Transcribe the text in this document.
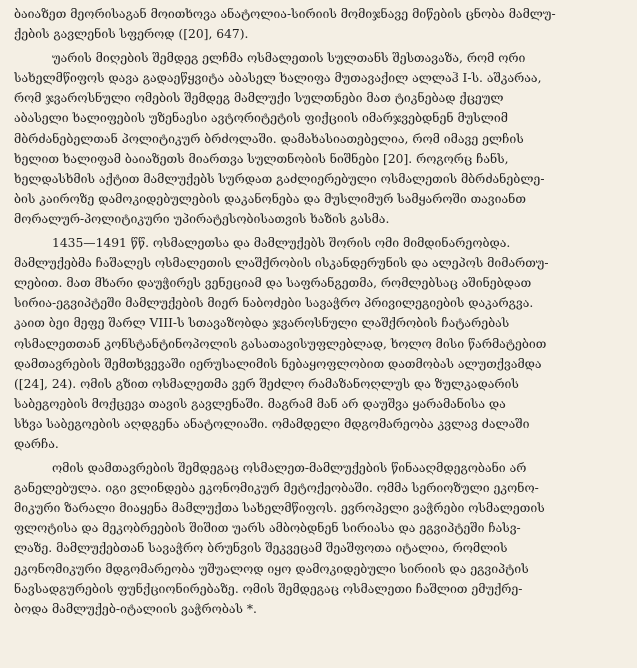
ბაიაზეთ მეორისაგან მოითხოვა ანატოლია-სირიის მომიჯნავე მიწების ცნობა მამლუ-
ქების გავლენის სფეროდ ([20], 647).

უარის მიღების შემდეგ ელჩმა ოსმალეთის სულთანს შესთავაზა, რომ ორი
სახელმწიფოს დავა გადაეწყვიტა აბასელ ხალიფა მუთავაქილ ალლაჰ I-ს. აშკარაა,
რომ ჯვაროსნული ომების შემდეგ მამლუქი სულთნები მათ ტიკნებად ქცეულ
აბასელი ხალიფების უზენაესი ავტორიტეტის ფიქციის იმარჯვებდნენ მუსლიმ
მბრძანებელთან პოლიტიკურ ბრძოლაში. დამახასიათებელია, რომ იმავე ელჩის
ხელით ხალიფამ ბაიაზეთს მიართვა სულთნობის ნიშნები [20]. როგორც ჩანს,
ხელდასხმის აქტით მამლუქებს სურდათ გაძლიერებული ოსმალეთის მბრძანებლე-
ბის კაიროზე დამოკიდებულების დაკანონება და მუსლიმურ სამყაროში თავიანთ
მორალურ-პოლიტიკური უპირატესობისათვის ხაზის გასმა.

1435—1491 წწ. ოსმალეთსა და მამლუქებს შორის ომი მიმდინარეობდა.
მამლუქებმა ჩაშალეს ოსმალეთის ლაშქრობის ისკანდერუნის და ალეპოს მიმართუ-
ლებით. მათ მხარი დაუჭირეს ვენეციამ და საფრანგეთმა, რომლებსაც აშინებდათ
სირია-ეგვიპტეში მამლუქების მიერ ნაბოძები სავაჭრო პრივილეგიების დაკარგვა.
კაით ბეი მეფე შარლ VIII-ს სთავაზობდა ჯვაროსნული ლაშქრობის ჩატარებას
ოსმალეთთან კონსტანტინოპოლის გასათავისუფლებლად, ხოლო მისი წარმატებით
დამთავრების შემთხვევაში იერუსალიმის ნებაყოფლობით დათმობას ალუთქვამდა
([24], 24). ომის გზით ოსმალეთმა ვერ შეძლო რამაზანოღლუს და ზულკადარის
საბეგოების მოქცევა თავის გავლენაში. მაგრამ მან არ დაუშვა ყარამანისა და
სხვა საბეგოების აღდგენა ანატოლიაში. ომამდელი მდგომარეობა კვლავ ძალაში
დარჩა.

ომის დამთავრების შემდეგაც ოსმალეთ-მამლუქების წინააღმდეგობანი არ
განელებულა. იგი ვლინდება ეკონომიკურ მეტოქეობაში. ომმა სერიოზული ეკონო-
მიკური ზარალი მიაყენა მამლუქთა სახელმწიფოს. ევროპელი ვაჭრები ოსმალეთის
ფლოტისა და მეკობრეების შიშით უარს ამბობდნენ სირიასა და ეგვიპტეში ჩასვ-
ლაზე. მამლუქებთან სავაჭრო ბრუნვის შეკვეცამ შეაშფოთა იტალია, რომლის
ეკონომიკური მდგომარეობა უშუალოდ იყო დამოკიდებული სირიის და ეგვიპტის
ნავსადგურების ფუნქციონირებაზე. ომის შემდეგაც ოსმალეთი ჩაშლით ემუქრე-
ბოდა მამლუქებ-იტალიის ვაჭრობას *.
